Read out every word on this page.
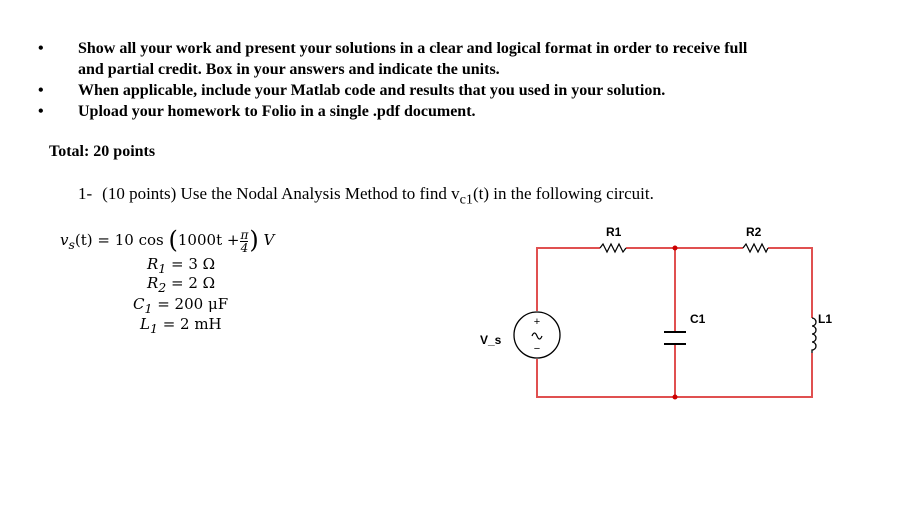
• Show all your work and present your solutions in a clear and logical format in order to receive full
and partial credit. Box in your answers and indicate the units.
• When applicable, include your Matlab code and results that you used in your solution.
• Upload your homework to Folio in a single .pdf document.
Total: 20 points
1- (10 points) Use the Nodal Analysis Method to find $v_{c1}(t)$ in the following circuit.
$v_s(t) = 10$ $\cos (1000t + \frac{\pi}{4}$ ) V
$R_1 = 3$ Ω
$R_2 = 2$ Ω
$C_1 = 200$ μF
$L_1 = 2$ mH	+
−
R1	R2
C1	L1
V_s
